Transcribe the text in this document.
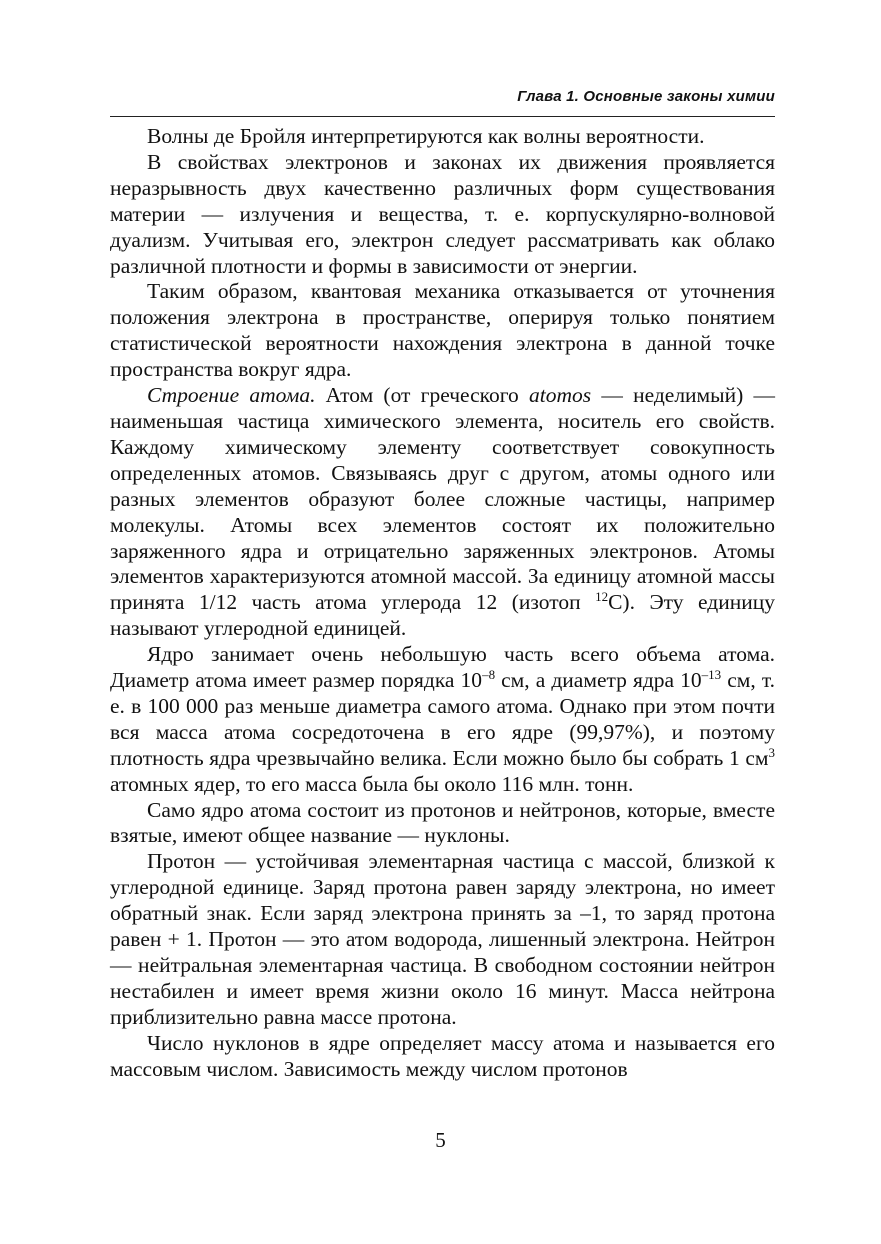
Глава 1. Основные законы химии

Волны де Бройля интерпретируются как волны вероятности.

В свойствах электронов и законах их движения проявляется неразрывность двух качественно различных форм существования материи — излучения и вещества, т. е. корпускулярно-волновой дуализм. Учитывая его, электрон следует рассматривать как облако различной плотности и формы в зависимости от энергии.

Таким образом, квантовая механика отказывается от уточнения положения электрона в пространстве, оперируя только понятием статистической вероятности нахождения электрона в данной точке пространства вокруг ядра.

Строение атома. Атом (от греческого atomos — неделимый) — наименьшая частица химического элемента, носитель его свойств. Каждому химическому элементу соответствует совокупность определенных атомов. Связываясь друг с другом, атомы одного или разных элементов образуют более сложные частицы, например молекулы. Атомы всех элементов состоят их положительно заряженного ядра и отрицательно заряженных электронов. Атомы элементов характеризуются атомной массой. За единицу атомной массы принята 1/12 часть атома углерода 12 (изотоп $^{12}$С). Эту единицу называют углеродной единицей.

Ядро занимает очень небольшую часть всего объема атома. Диаметр атома имеет размер порядка $10^{-8}$ см, а диаметр ядра $10^{-13}$ см, т. е. в 100 000 раз меньше диаметра самого атома. Однако при этом почти вся масса атома сосредоточена в его ядре (99,97%), и поэтому плотность ядра чрезвычайно велика. Если можно было бы собрать 1 $см^3$ атомных ядер, то его масса была бы около 116 млн. тонн.

Само ядро атома состоит из протонов и нейтронов, которые, вместе взятые, имеют общее название — нуклоны.

Протон — устойчивая элементарная частица с массой, близкой к углеродной единице. Заряд протона равен заряду электрона, но имеет обратный знак. Если заряд электрона принять за –1, то заряд протона равен + 1. Протон — это атом водорода, лишенный электрона. Нейтрон — нейтральная элементарная частица. В свободном состоянии нейтрон нестабилен и имеет время жизни около 16 минут. Масса нейтрона приблизительно равна массе протона.

Число нуклонов в ядре определяет массу атома и называется его массовым числом. Зависимость между числом протонов

5
